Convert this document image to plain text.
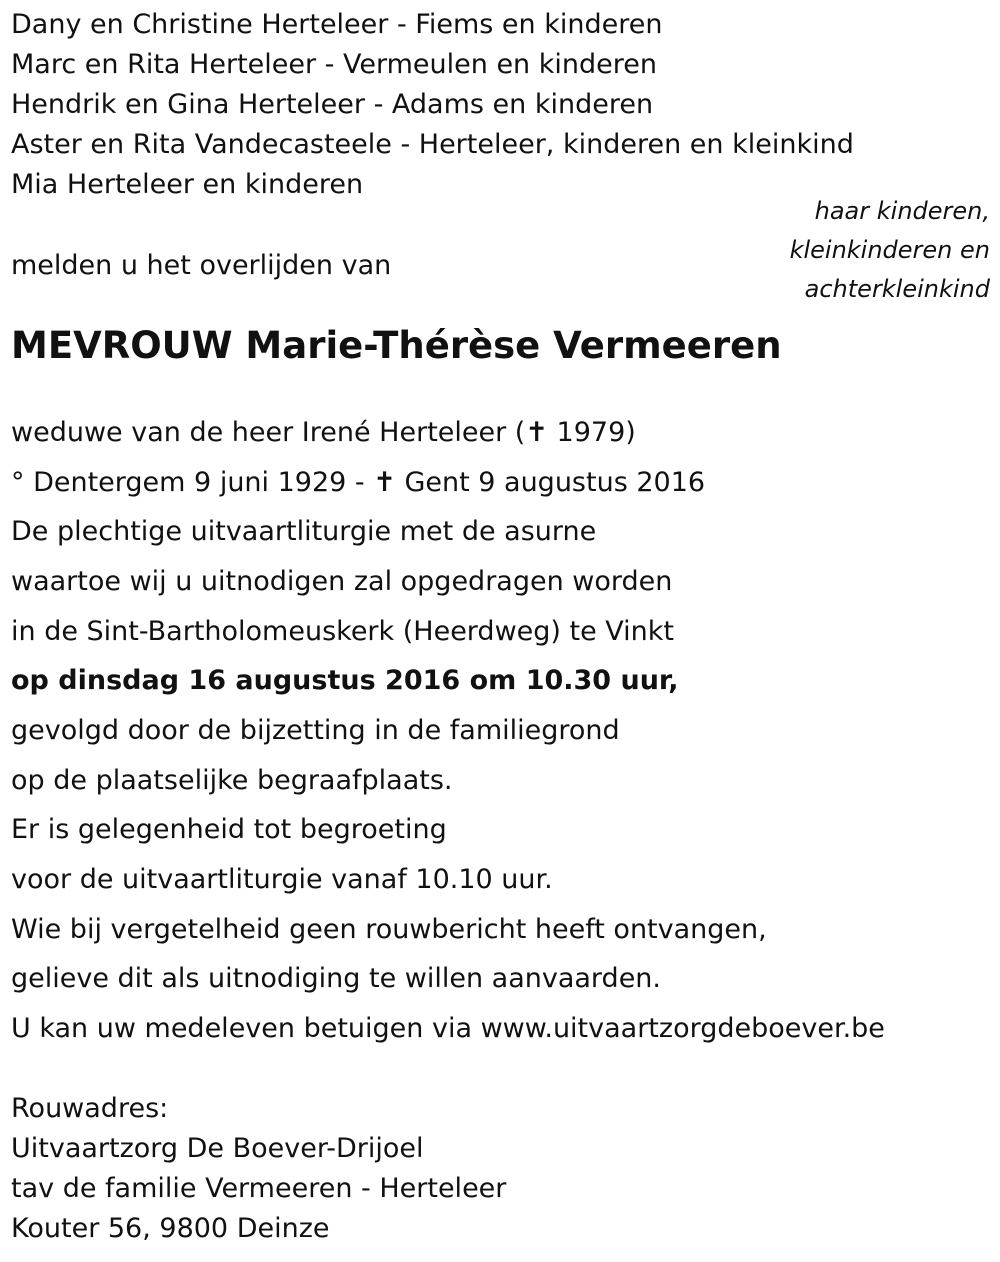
Dany en Christine Herteleer - Fiems en kinderen
Marc en Rita Herteleer - Vermeulen en kinderen
Hendrik en Gina Herteleer - Adams en kinderen
Aster en Rita Vandecasteele - Herteleer, kinderen en kleinkind
Mia Herteleer en kinderen
haar kinderen,
kleinkinderen en
achterkleinkind
melden u het overlijden van
MEVROUW Marie-Thérèse Vermeeren
weduwe van de heer Irené Herteleer (✝ 1979)
° Dentergem 9 juni 1929 - ✝ Gent 9 augustus 2016
De plechtige uitvaartliturgie met de asurne
waartoe wij u uitnodigen zal opgedragen worden
in de Sint-Bartholomeuskerk (Heerdweg) te Vinkt
op dinsdag 16 augustus 2016 om 10.30 uur,
gevolgd door de bijzetting in de familiegrond
op de plaatselijke begraafplaats.
Er is gelegenheid tot begroeting
voor de uitvaartliturgie vanaf 10.10 uur.
Wie bij vergetelheid geen rouwbericht heeft ontvangen,
gelieve dit als uitnodiging te willen aanvaarden.
U kan uw medeleven betuigen via www.uitvaartzorgdeboever.be
Rouwadres:
Uitvaartzorg De Boever-Drijoel
tav de familie Vermeeren - Herteleer
Kouter 56, 9800 Deinze
